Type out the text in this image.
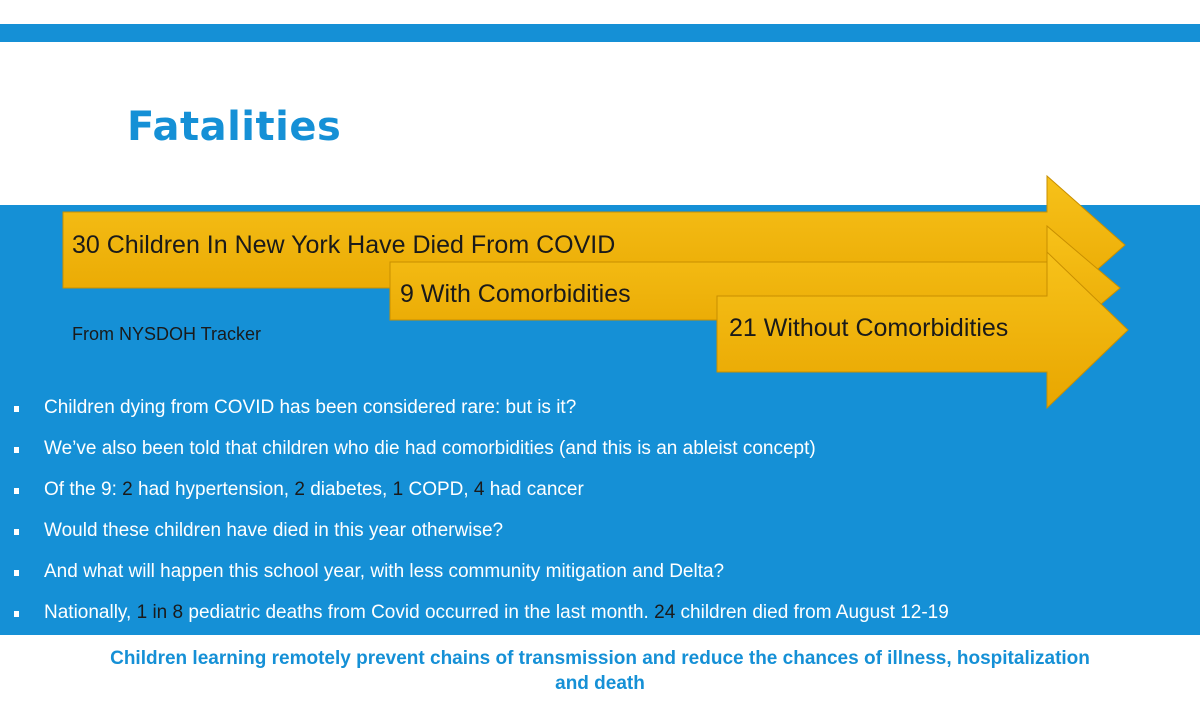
Fatalities
30 Children In New York Have Died From COVID
9 With Comorbidities
21 Without Comorbidities
From NYSDOH Tracker
Children dying from COVID has been considered rare: but is it?
We’ve also been told that children who die had comorbidities (and this is an ableist concept)
Of the 9: 2 had hypertension, 2 diabetes, 1 COPD, 4 had cancer
Would these children have died in this year otherwise?
And what will happen this school year, with less community mitigation and Delta?
Nationally, 1 in 8 pediatric deaths from Covid occurred in the last month. 24 children died from August 12-19
Children learning remotely prevent chains of transmission and reduce the chances of illness, hospitalization
and death
